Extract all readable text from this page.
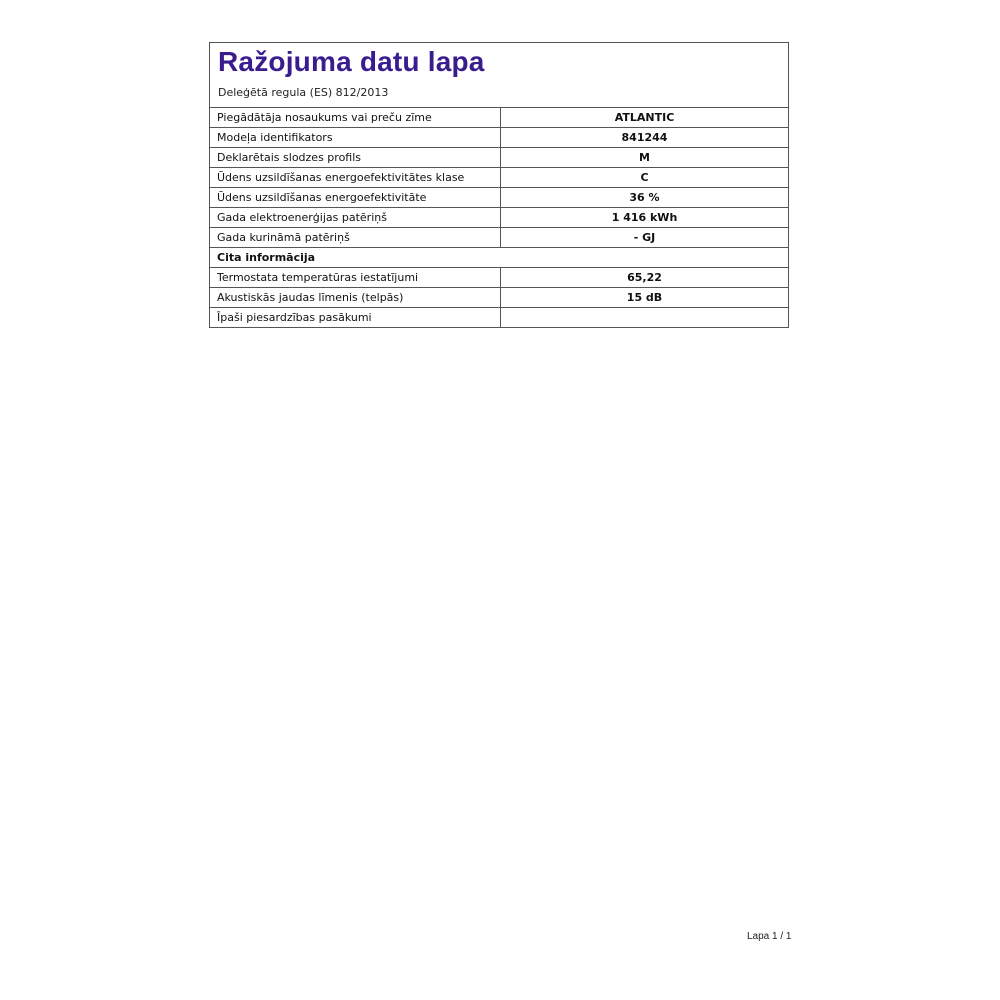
Ražojuma datu lapa
Deleģētā regula (ES) 812/2013
Piegādātāja nosaukums vai preču zīme	ATLANTIC
Modeļa identifikators	841244
Deklarētais slodzes profils	M
Ūdens uzsildīšanas energoefektivitātes klase	C
Ūdens uzsildīšanas energoefektivitāte	36 %
Gada elektroenerģijas patēriņš	1 416 kWh
Gada kurināmā patēriņš	- GJ
Cita informācija	
Termostata temperatūras iestatījumi	65,22
Akustiskās jaudas līmenis (telpās)	15 dB
Īpaši piesardzības pasākumi	
Lapa 1 / 1
